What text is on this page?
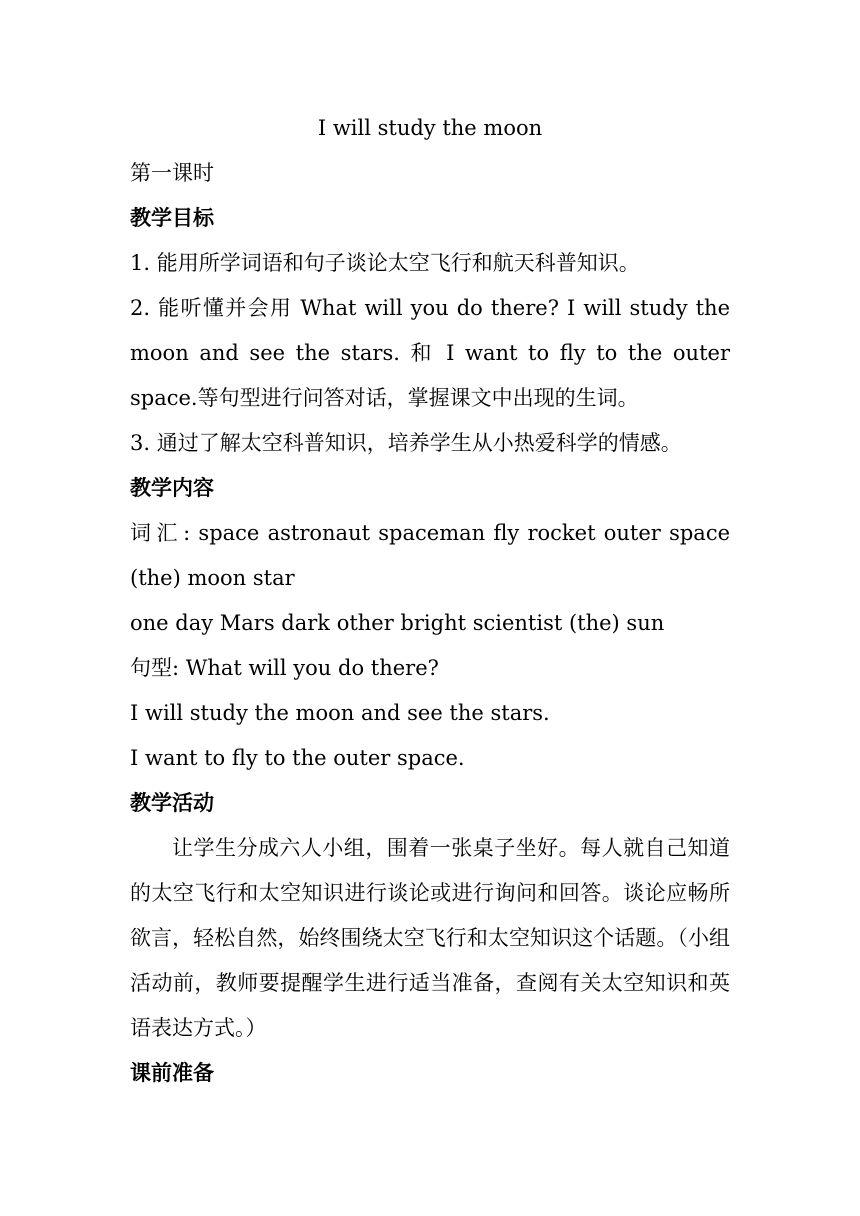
I will study the moon

第一课时

教学目标

1. 能用所学词语和句子谈论太空飞行和航天科普知识。

2. 能听懂并会用 What will you do there? I will study the moon and see the stars. 和 I want to fly to the outer space.等句型进行问答对话，掌握课文中出现的生词。

3. 通过了解太空科普知识，培养学生从小热爱科学的情感。

教学内容

词汇: space astronaut spaceman fly rocket outer space (the) moon star

one day Mars dark other bright scientist (the) sun

句型: What will you do there?

I will study the moon and see the stars.

I want to fly to the outer space.

教学活动

让学生分成六人小组，围着一张桌子坐好。每人就自己知道的太空飞行和太空知识进行谈论或进行询问和回答。谈论应畅所欲言，轻松自然，始终围绕太空飞行和太空知识这个话题。（小组活动前，教师要提醒学生进行适当准备，查阅有关太空知识和英语表达方式。）

课前准备
